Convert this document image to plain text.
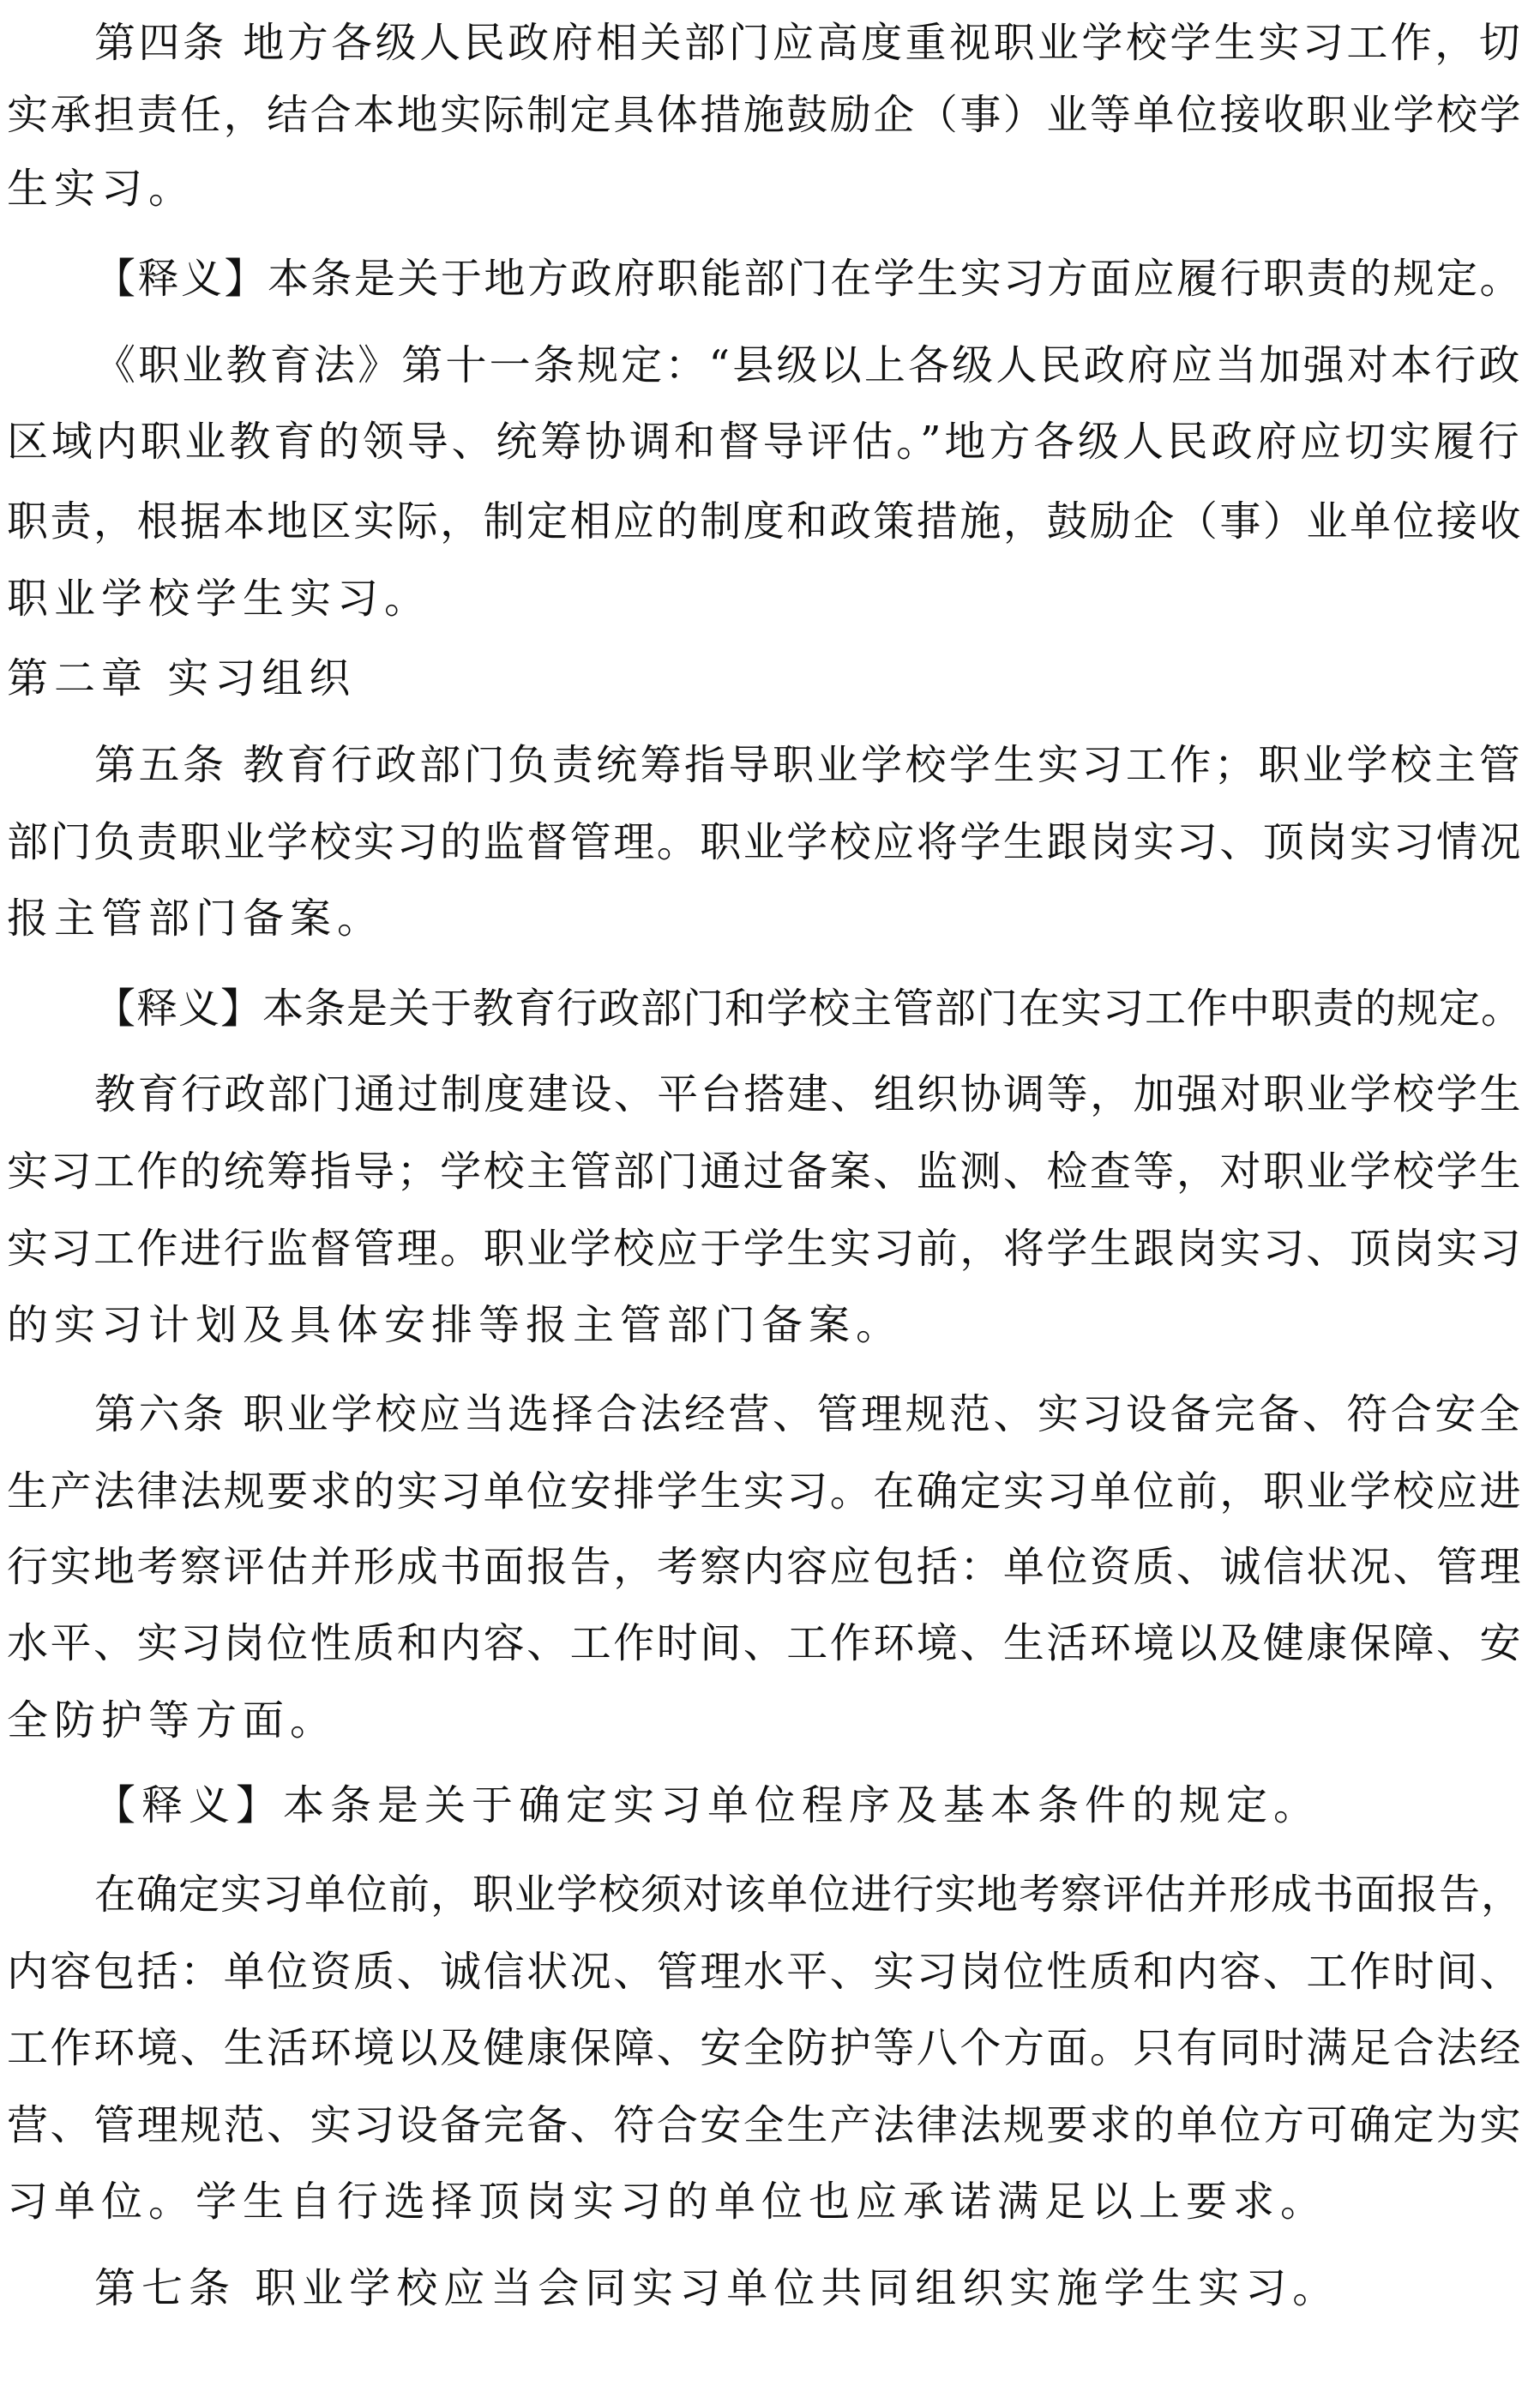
第四条 地方各级人民政府相关部门应高度重视职业学校学生实习工作，切
实承担责任，结合本地实际制定具体措施鼓励企（事）业等单位接收职业学校学
生实习。
【释义】本条是关于地方政府职能部门在学生实习方面应履行职责的规定。
《职业教育法》第十一条规定：“县级以上各级人民政府应当加强对本行政
区域内职业教育的领导、统筹协调和督导评估。”地方各级人民政府应切实履行
职责，根据本地区实际，制定相应的制度和政策措施，鼓励企（事）业单位接收
职业学校学生实习。
第二章 实习组织
第五条 教育行政部门负责统筹指导职业学校学生实习工作；职业学校主管
部门负责职业学校实习的监督管理。职业学校应将学生跟岗实习、顶岗实习情况
报主管部门备案。
【释义】本条是关于教育行政部门和学校主管部门在实习工作中职责的规定。
教育行政部门通过制度建设、平台搭建、组织协调等，加强对职业学校学生
实习工作的统筹指导；学校主管部门通过备案、监测、检查等，对职业学校学生
实习工作进行监督管理。职业学校应于学生实习前，将学生跟岗实习、顶岗实习
的实习计划及具体安排等报主管部门备案。
第六条 职业学校应当选择合法经营、管理规范、实习设备完备、符合安全
生产法律法规要求的实习单位安排学生实习。在确定实习单位前，职业学校应进
行实地考察评估并形成书面报告，考察内容应包括：单位资质、诚信状况、管理
水平、实习岗位性质和内容、工作时间、工作环境、生活环境以及健康保障、安
全防护等方面。
【释义】本条是关于确定实习单位程序及基本条件的规定。
在确定实习单位前，职业学校须对该单位进行实地考察评估并形成书面报告，
内容包括：单位资质、诚信状况、管理水平、实习岗位性质和内容、工作时间、
工作环境、生活环境以及健康保障、安全防护等八个方面。只有同时满足合法经
营、管理规范、实习设备完备、符合安全生产法律法规要求的单位方可确定为实
习单位。学生自行选择顶岗实习的单位也应承诺满足以上要求。
第七条 职业学校应当会同实习单位共同组织实施学生实习。
